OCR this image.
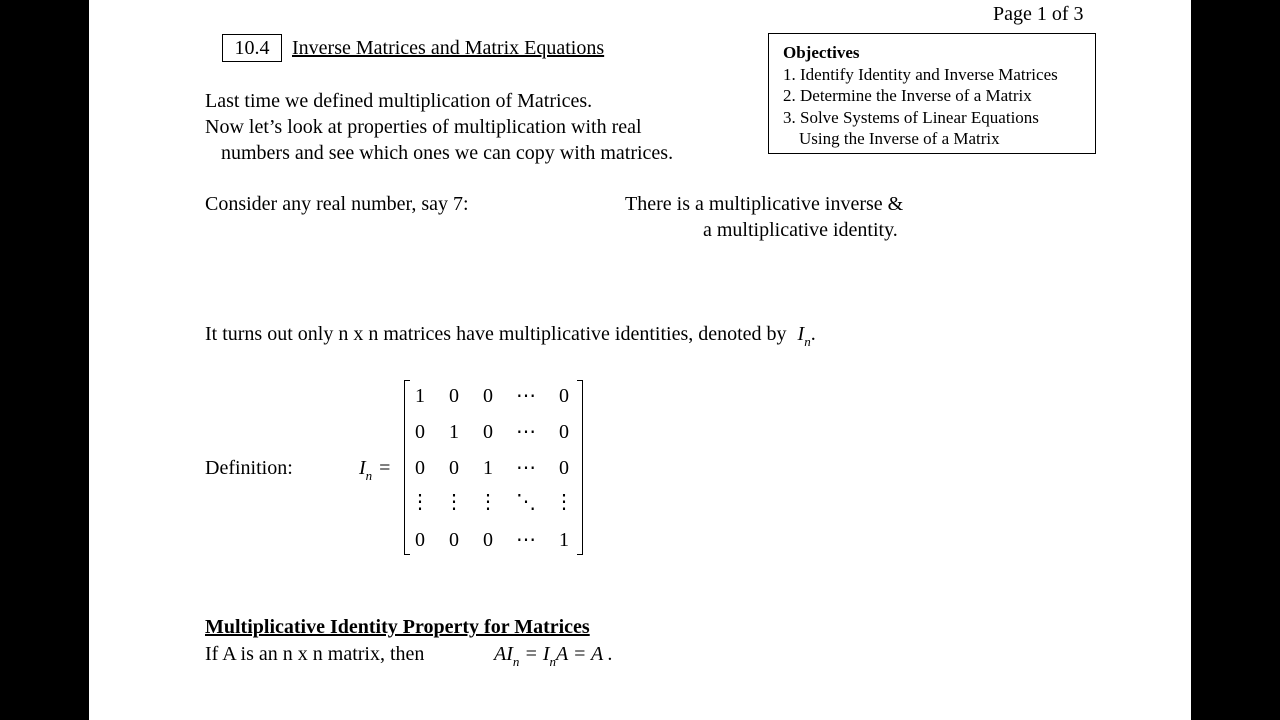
Page 1 of 3
10.4	Inverse Matrices and Matrix Equations	Objectives
1. Identify Identity and Inverse Matrices
2. Determine the Inverse of a Matrix
3. Solve Systems of Linear Equations
Using the Inverse of a Matrix
Last time we defined multiplication of Matrices.
Now let’s look at properties of multiplication with real
numbers and see which ones we can copy with matrices.
Consider any real number, say 7:	There is a multiplicative inverse &
a multiplicative identity.
It turns out only n x n matrices have multiplicative identities, denoted by $I_n$.
Definition:	$I_n$ =
1	0	0	⋯	0
0	1	0	⋯	0
0	0	1	⋯	0
⋮ ⋮ ⋮ ⋱ ⋮
0	0	0	⋯	1
Multiplicative Identity Property for Matrices
If A is an n x n matrix, then	$AI_n = I_nA = A$ .
